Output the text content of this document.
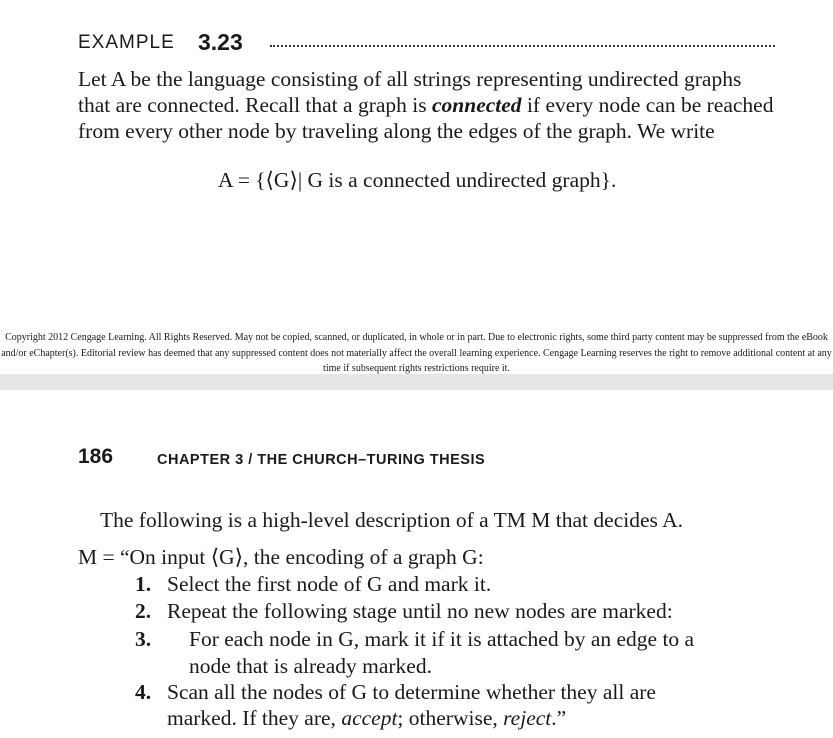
EXAMPLE 3.23
Let A be the language consisting of all strings representing undirected graphs
that are connected. Recall that a graph is connected if every node can be reached
from every other node by traveling along the edges of the graph. We write
A = {⟨G⟩| G is a connected undirected graph}.
Copyright 2012 Cengage Learning. All Rights Reserved. May not be copied, scanned, or duplicated, in whole or in part. Due to electronic rights, some third party content may be suppressed from the eBook and/or eChapter(s). Editorial review has deemed that any suppressed content does not materially affect the overall learning experience. Cengage Learning reserves the right to remove additional content at any time if subsequent rights restrictions require it.
186	CHAPTER 3 / THE CHURCH–TURING THESIS
The following is a high-level description of a TM M that decides A.
M = “On input ⟨G⟩, the encoding of a graph G:
1. Select the first node of G and mark it.
2. Repeat the following stage until no new nodes are marked:
3. For each node in G, mark it if it is attached by an edge to a
node that is already marked.
4. Scan all the nodes of G to determine whether they all are
marked. If they are, accept; otherwise, reject.”
